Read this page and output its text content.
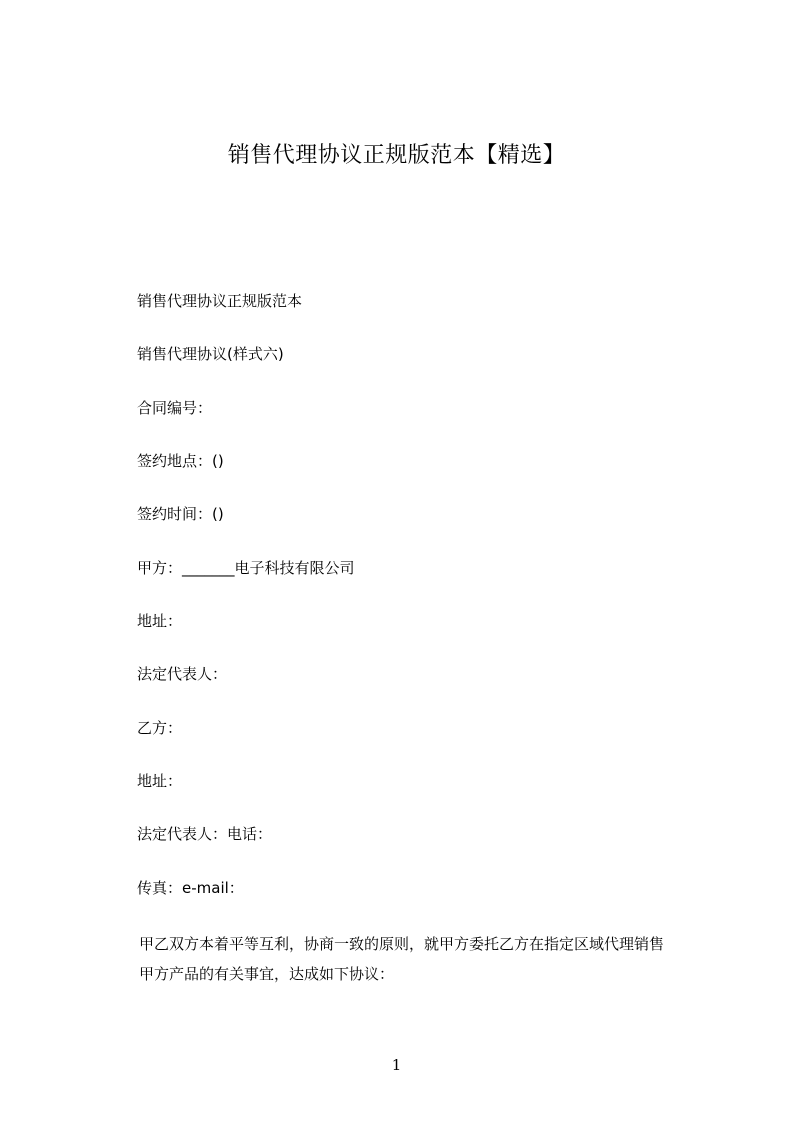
销售代理协议正规版范本【精选】
销售代理协议正规版范本
销售代理协议(样式六)
合同编号：
签约地点：()
签约时间：()
甲方：_______电子科技有限公司
地址：
法定代表人：
乙方：
地址：
法定代表人：电话：
传真：e-mail：
甲乙双方本着平等互利，协商一致的原则，就甲方委托乙方在指定区域代理销售
甲方产品的有关事宜，达成如下协议：
1
